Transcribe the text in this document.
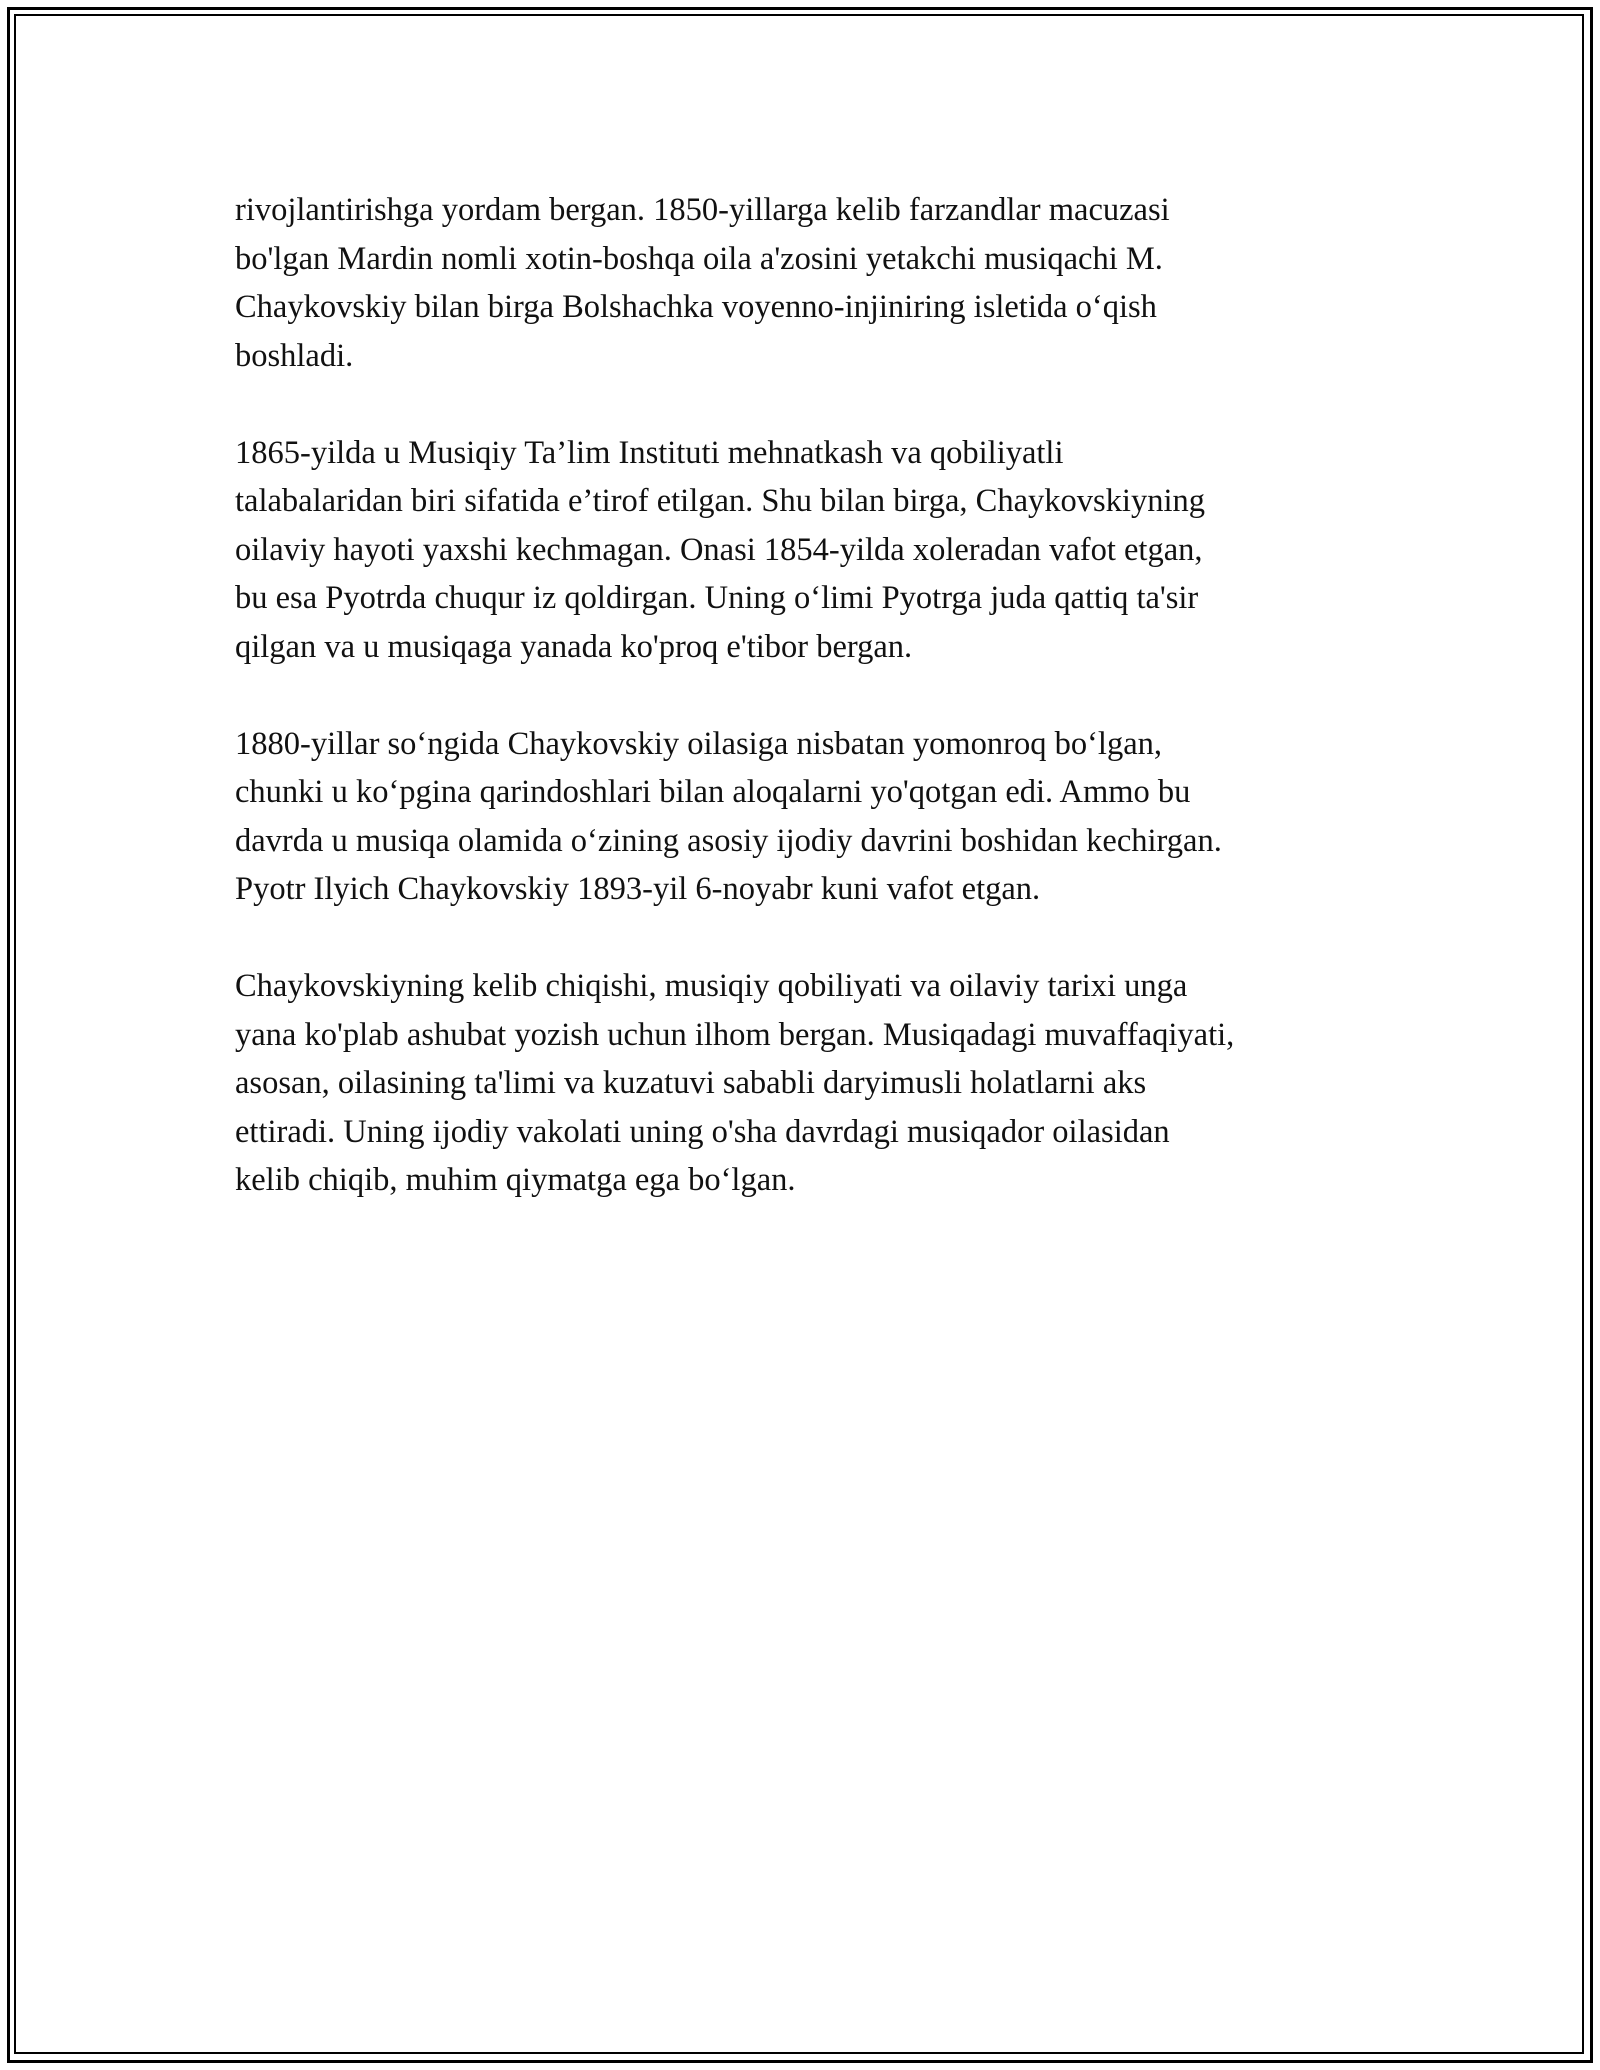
rivojlantirishga yordam bergan. 1850-yillarga kelib farzandlar macuzasi
bo'lgan Mardin nomli xotin-boshqa oila a'zosini yetakchi musiqachi M.
Chaykovskiy bilan birga Bolshachka voyenno-injiniring isletida o‘qish
boshladi.

1865-yilda u Musiqiy Ta’lim Instituti mehnatkash va qobiliyatli
talabalaridan biri sifatida e’tirof etilgan. Shu bilan birga, Chaykovskiyning
oilaviy hayoti yaxshi kechmagan. Onasi 1854-yilda xoleradan vafot etgan,
bu esa Pyotrda chuqur iz qoldirgan. Uning o‘limi Pyotrga juda qattiq ta'sir
qilgan va u musiqaga yanada ko'proq e'tibor bergan.

1880-yillar so‘ngida Chaykovskiy oilasiga nisbatan yomonroq bo‘lgan,
chunki u ko‘pgina qarindoshlari bilan aloqalarni yo'qotgan edi. Ammo bu
davrda u musiqa olamida o‘zining asosiy ijodiy davrini boshidan kechirgan.
Pyotr Ilyich Chaykovskiy 1893-yil 6-noyabr kuni vafot etgan.

Chaykovskiyning kelib chiqishi, musiqiy qobiliyati va oilaviy tarixi unga
yana ko'plab ashubat yozish uchun ilhom bergan. Musiqadagi muvaffaqiyati,
asosan, oilasining ta'limi va kuzatuvi sababli daryimusli holatlarni aks
ettiradi. Uning ijodiy vakolati uning o'sha davrdagi musiqador oilasidan
kelib chiqib, muhim qiymatga ega bo‘lgan.
